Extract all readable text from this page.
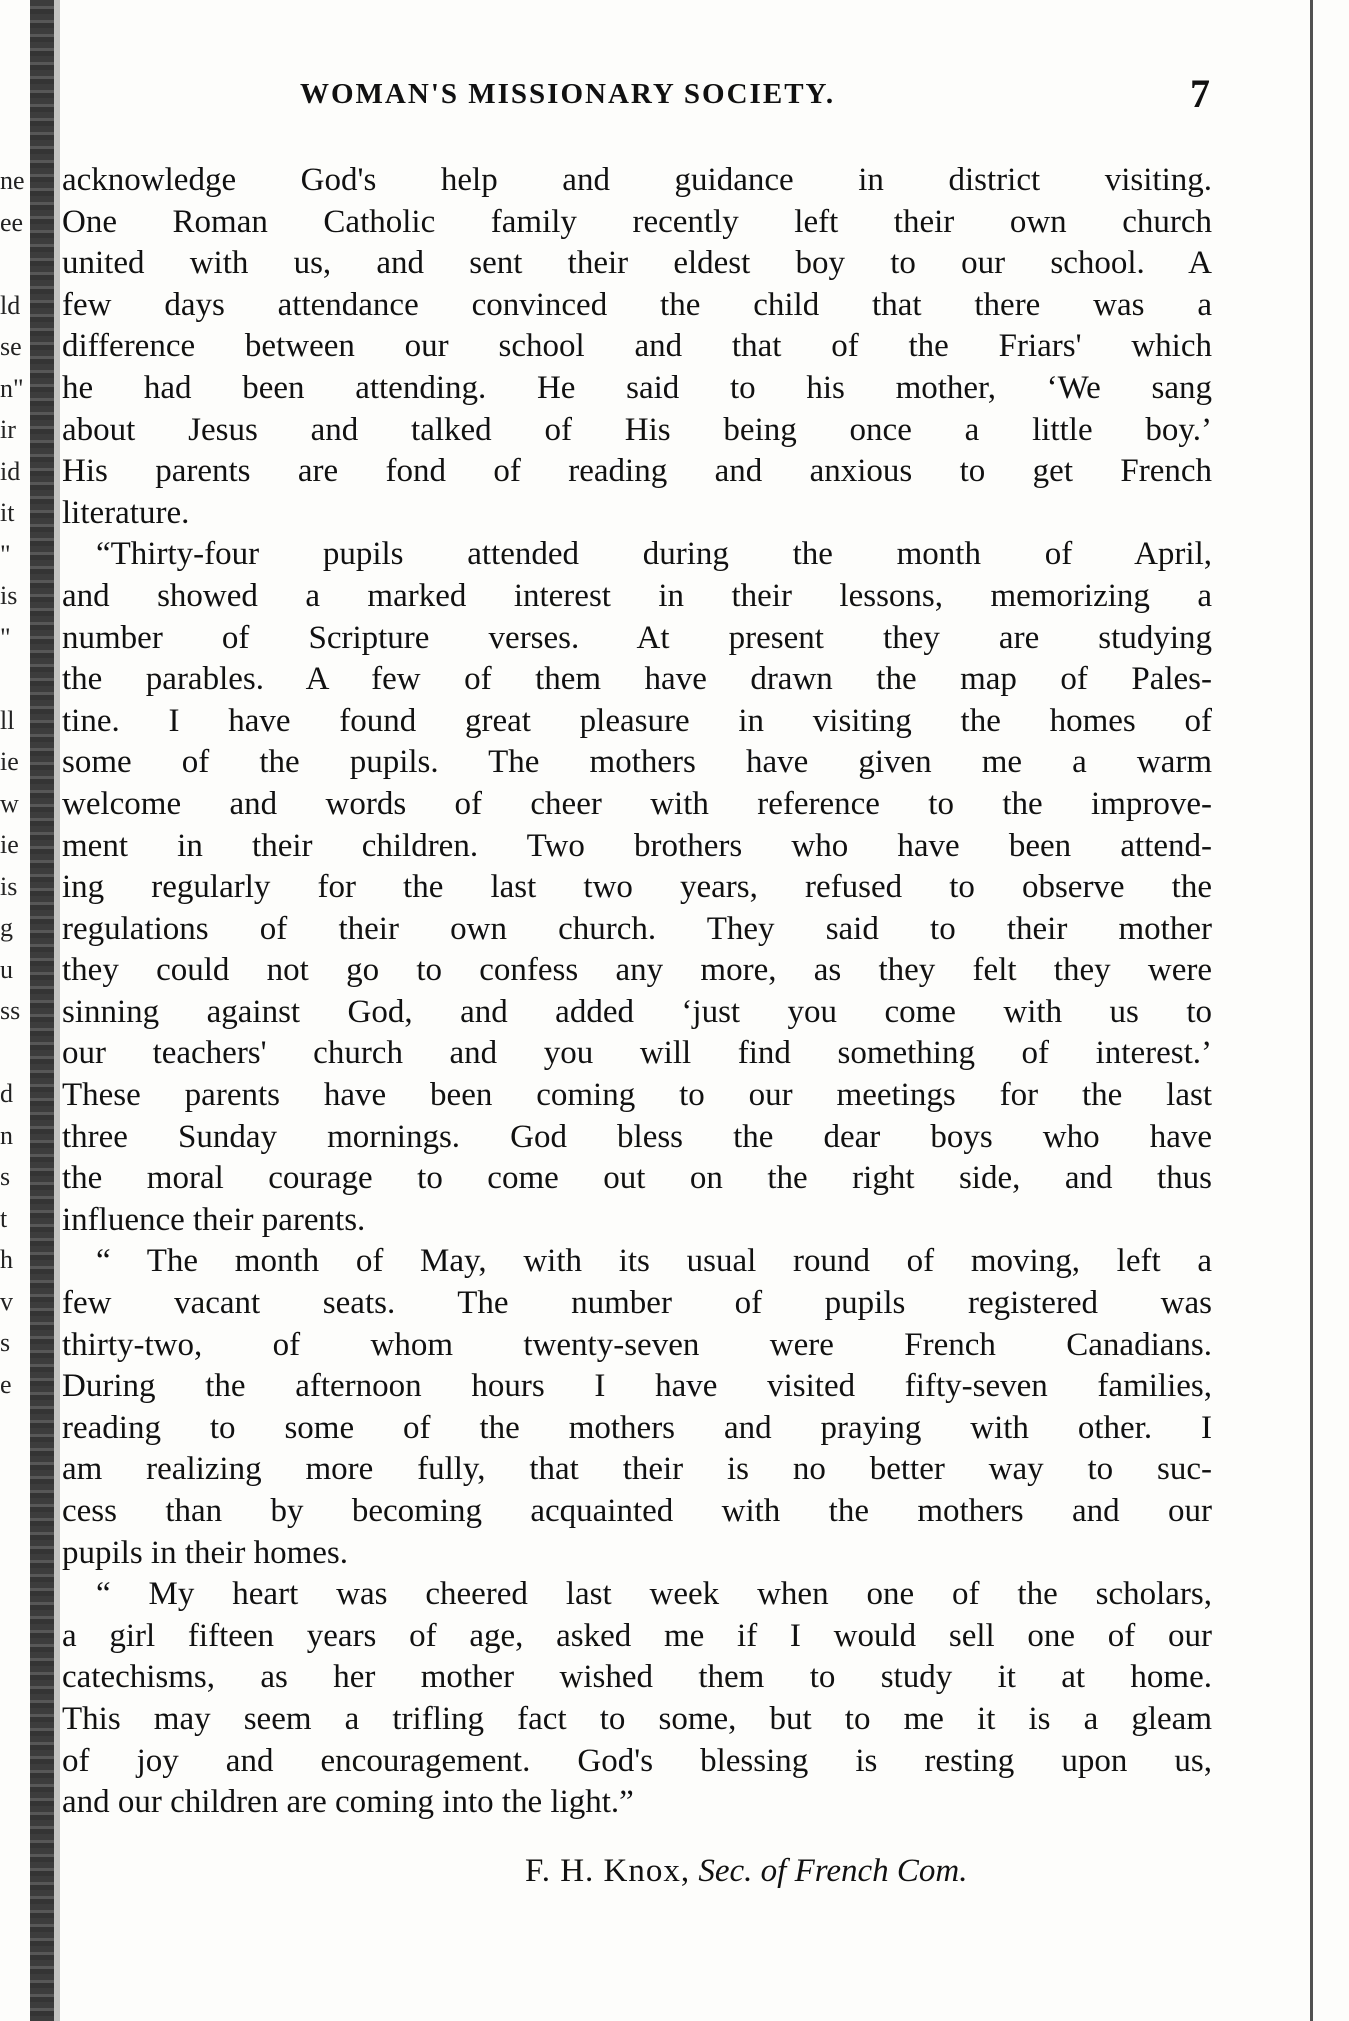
ne
ee
ld
se
n"
ir
id
it
"
is
"
ll
ie
w
ie
is
g
u
ss
d
n
s
t
h
v
s
e
WOMAN'S MISSIONARY SOCIETY.	7
acknowledge God's help and guidance in district visiting.
One Roman Catholic family recently left their own church
united with us, and sent their eldest boy to our school. A
few days attendance convinced the child that there was a
difference between our school and that of the Friars' which
he had been attending. He said to his mother, ‘We sang
about Jesus and talked of His being once a little boy.’
His parents are fond of reading and anxious to get French
literature.
“Thirty-four pupils attended during the month of April,
and showed a marked interest in their lessons, memorizing a
number of Scripture verses. At present they are studying
the parables. A few of them have drawn the map of Pales-
tine. I have found great pleasure in visiting the homes of
some of the pupils. The mothers have given me a warm
welcome and words of cheer with reference to the improve-
ment in their children. Two brothers who have been attend-
ing regularly for the last two years, refused to observe the
regulations of their own church. They said to their mother
they could not go to confess any more, as they felt they were
sinning against God, and added ‘just you come with us to
our teachers' church and you will find something of interest.’
These parents have been coming to our meetings for the last
three Sunday mornings. God bless the dear boys who have
the moral courage to come out on the right side, and thus
influence their parents.
“ The month of May, with its usual round of moving, left a
few vacant seats. The number of pupils registered was
thirty-two, of whom twenty-seven were French Canadians.
During the afternoon hours I have visited fifty-seven families,
reading to some of the mothers and praying with other. I
am realizing more fully, that their is no better way to suc-
cess than by becoming acquainted with the mothers and our
pupils in their homes.
“ My heart was cheered last week when one of the scholars,
a girl fifteen years of age, asked me if I would sell one of our
catechisms, as her mother wished them to study it at home.
This may seem a trifling fact to some, but to me it is a gleam
of joy and encouragement. God's blessing is resting upon us,
and our children are coming into the light.”
F. H. Knox, Sec. of French Com.
